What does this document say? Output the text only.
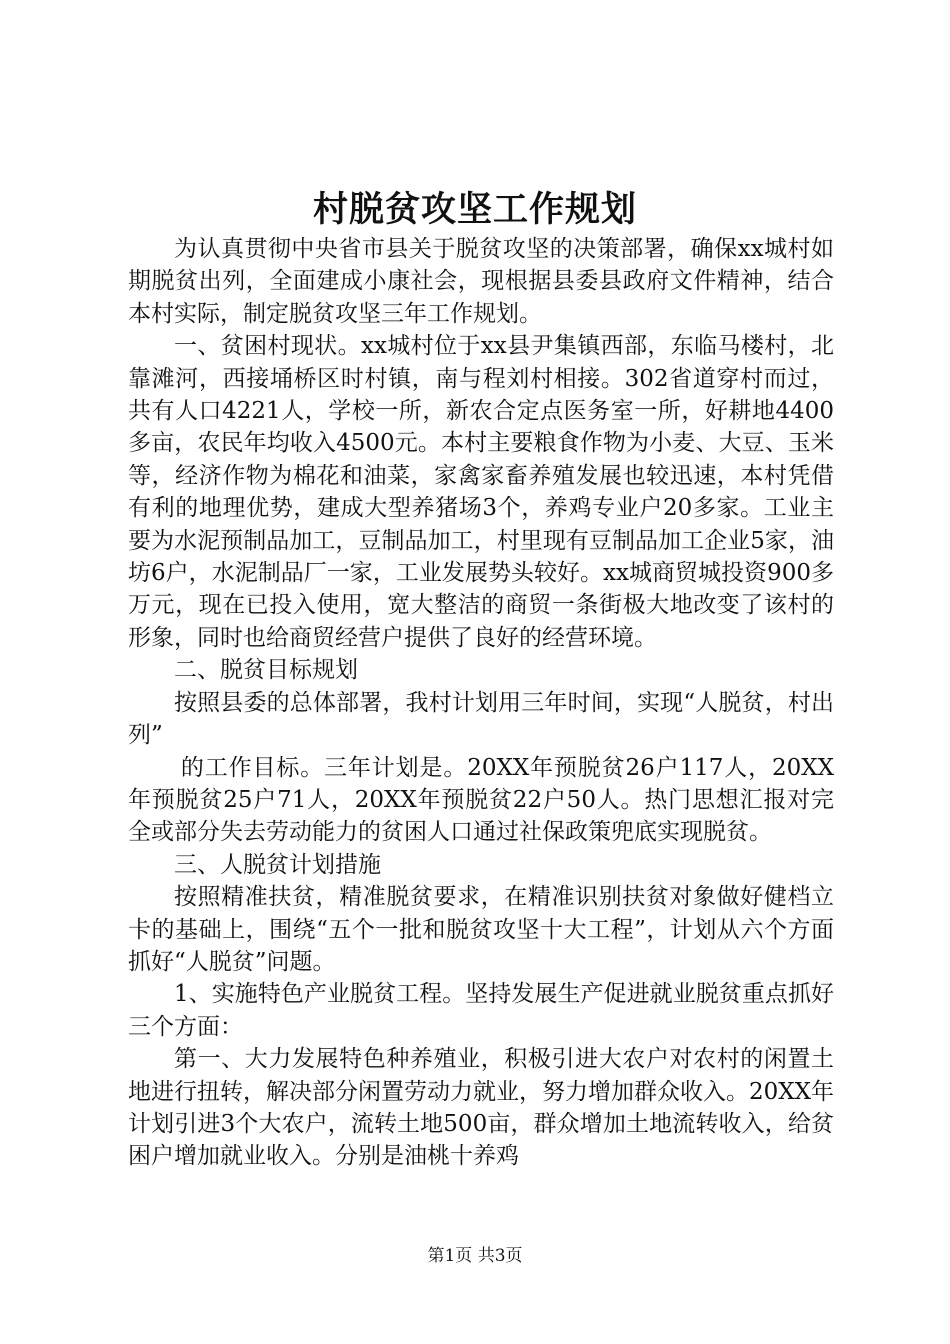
村脱贫攻坚工作规划

为认真贯彻中央省市县关于脱贫攻坚的决策部署，确保xx城村如期脱贫出列，全面建成小康社会，现根据县委县政府文件精神，结合本村实际，制定脱贫攻坚三年工作规划。

一、贫困村现状。xx城村位于xx县尹集镇西部，东临马楼村，北靠滩河，西接埇桥区时村镇，南与程刘村相接。302省道穿村而过，共有人口4221人，学校一所，新农合定点医务室一所，好耕地4400多亩，农民年均收入4500元。本村主要粮食作物为小麦、大豆、玉米等，经济作物为棉花和油菜，家禽家畜养殖发展也较迅速，本村凭借有利的地理优势，建成大型养猪场3个，养鸡专业户20多家。工业主要为水泥预制品加工，豆制品加工，村里现有豆制品加工企业5家，油坊6户，水泥制品厂一家，工业发展势头较好。xx城商贸城投资900多万元，现在已投入使用，宽大整洁的商贸一条街极大地改变了该村的形象，同时也给商贸经营户提供了良好的经营环境。

二、脱贫目标规划

按照县委的总体部署，我村计划用三年时间，实现“人脱贫，村出列”

的工作目标。三年计划是。20XX年预脱贫26户117人，20XX年预脱贫25户71人，20XX年预脱贫22户50人。热门思想汇报对完全或部分失去劳动能力的贫困人口通过社保政策兜底实现脱贫。

三、人脱贫计划措施

按照精准扶贫，精准脱贫要求，在精准识别扶贫对象做好健档立卡的基础上，围绕“五个一批和脱贫攻坚十大工程”，计划从六个方面抓好“人脱贫”问题。

1、实施特色产业脱贫工程。坚持发展生产促进就业脱贫重点抓好三个方面：

第一、大力发展特色种养殖业，积极引进大农户对农村的闲置土地进行扭转，解决部分闲置劳动力就业，努力增加群众收入。20XX年计划引进3个大农户，流转土地500亩，群众增加土地流转收入，给贫困户增加就业收入。分别是油桃十养鸡

第1页 共3页
